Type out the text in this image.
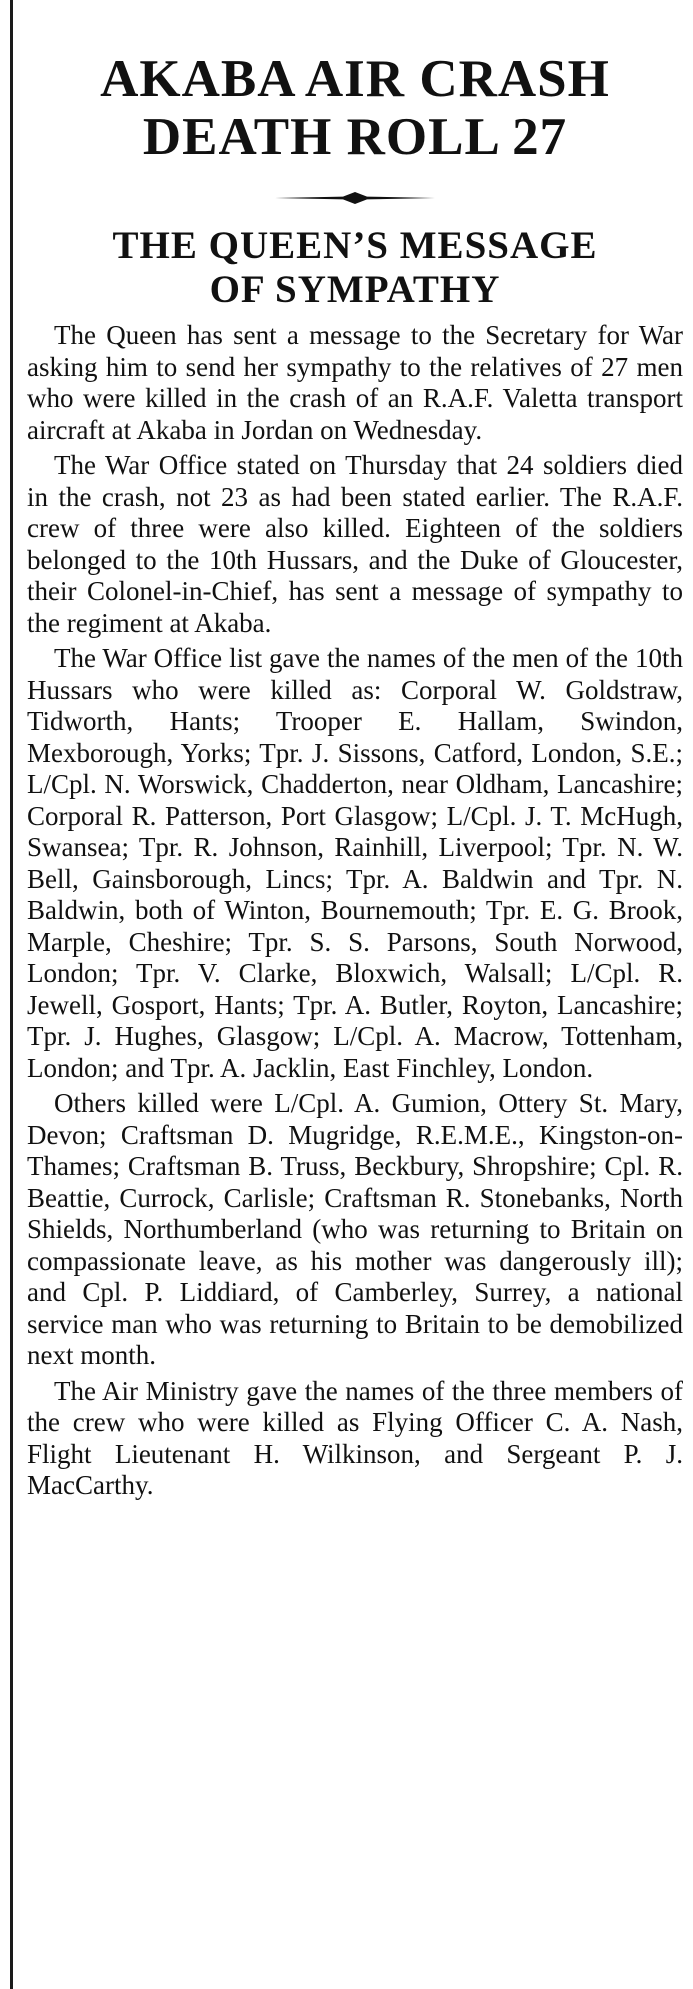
AKABA AIR CRASH
DEATH ROLL 27
THE QUEEN’S MESSAGE
OF SYMPATHY

The Queen has sent a message to the Secretary for War asking him to send her sympathy to the relatives of 27 men who were killed in the crash of an R.A.F. Valetta transport aircraft at Akaba in Jordan on Wednesday.

The War Office stated on Thursday that 24 soldiers died in the crash, not 23 as had been stated earlier. The R.A.F. crew of three were also killed. Eighteen of the soldiers belonged to the 10th Hussars, and the Duke of Gloucester, their Colonel-in-Chief, has sent a message of sympathy to the regiment at Akaba.

The War Office list gave the names of the men of the 10th Hussars who were killed as: Corporal W. Goldstraw, Tidworth, Hants; Trooper E. Hallam, Swindon, Mexborough, Yorks; Tpr. J. Sissons, Catford, London, S.E.; L/Cpl. N. Worswick, Chadderton, near Oldham, Lancashire; Corporal R. Patterson, Port Glasgow; L/Cpl. J. T. McHugh, Swansea; Tpr. R. Johnson, Rainhill, Liverpool; Tpr. N. W. Bell, Gainsborough, Lincs; Tpr. A. Baldwin and Tpr. N. Baldwin, both of Winton, Bournemouth; Tpr. E. G. Brook, Marple, Cheshire; Tpr. S. S. Parsons, South Norwood, London; Tpr. V. Clarke, Bloxwich, Walsall; L/Cpl. R. Jewell, Gosport, Hants; Tpr. A. Butler, Royton, Lancashire; Tpr. J. Hughes, Glasgow; L/Cpl. A. Macrow, Tottenham, London; and Tpr. A. Jacklin, East Finchley, London.

Others killed were L/Cpl. A. Gumion, Ottery St. Mary, Devon; Craftsman D. Mugridge, R.E.M.E., Kingston-on-Thames; Craftsman B. Truss, Beckbury, Shropshire; Cpl. R. Beattie, Currock, Carlisle; Craftsman R. Stonebanks, North Shields, Northumberland (who was returning to Britain on compassionate leave, as his mother was dangerously ill); and Cpl. P. Liddiard, of Camberley, Surrey, a national service man who was returning to Britain to be demobilized next month.

The Air Ministry gave the names of the three members of the crew who were killed as Flying Officer C. A. Nash, Flight Lieutenant H. Wilkinson, and Sergeant P. J. MacCarthy.
